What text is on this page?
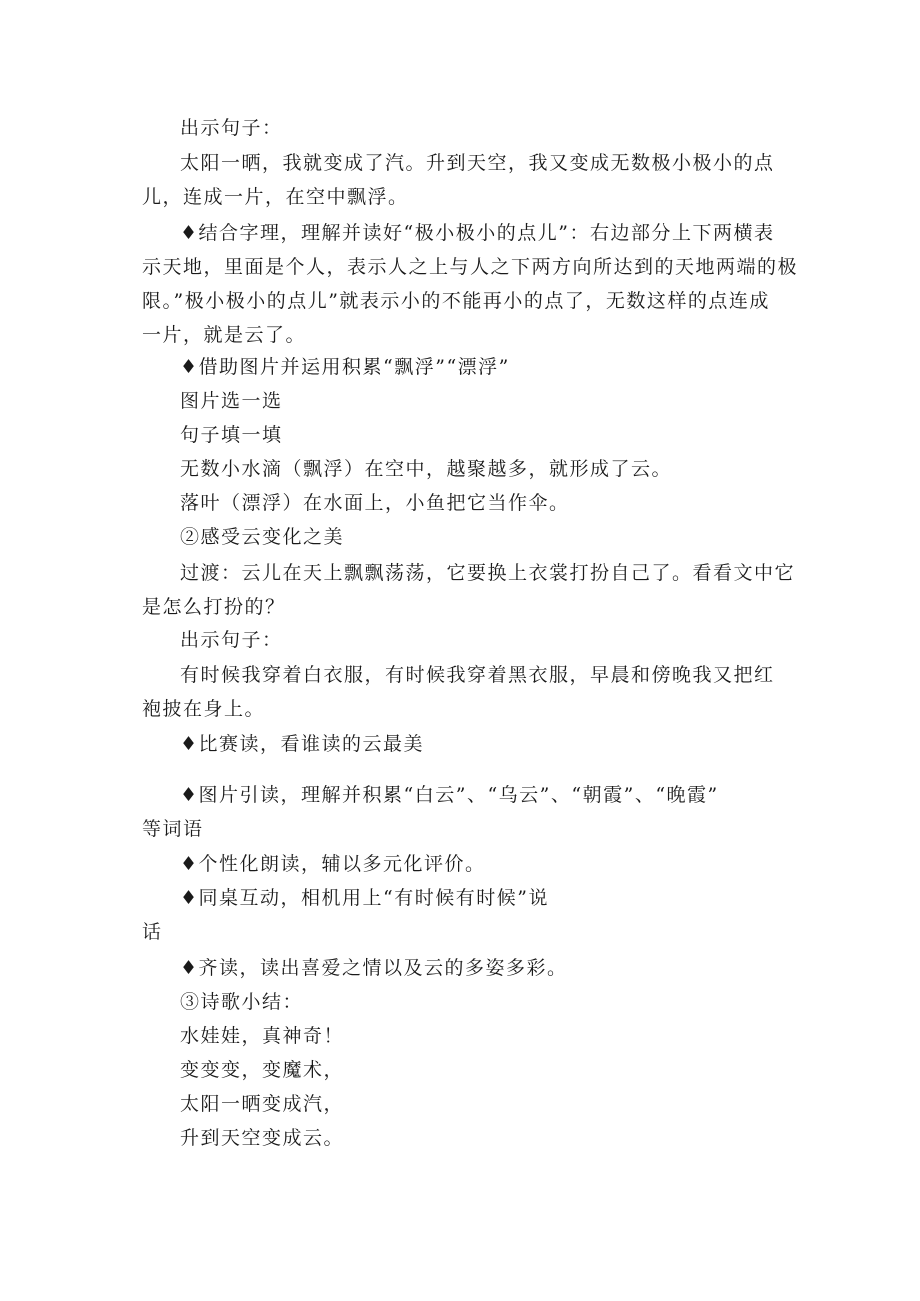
出示句子：
太阳一晒，我就变成了汽。升到天空，我又变成无数极小极小的点
儿，连成一片，在空中飘浮。
♦结合字理，理解并读好“极小极小的点儿”：右边部分上下两横表
示天地，里面是个人，表示人之上与人之下两方向所达到的天地两端的极
限。”极小极小的点儿”就表示小的不能再小的点了，无数这样的点连成
一片，就是云了。
♦借助图片并运用积累“飘浮”“漂浮”
图片选一选
句子填一填
无数小水滴（飘浮）在空中，越聚越多，就形成了云。
落叶（漂浮）在水面上，小鱼把它当作伞。
②感受云变化之美
过渡：云儿在天上飘飘荡荡，它要换上衣裳打扮自己了。看看文中它
是怎么打扮的？
出示句子：
有时候我穿着白衣服，有时候我穿着黑衣服，早晨和傍晚我又把红
袍披在身上。
♦比赛读，看谁读的云最美
♦图片引读，理解并积累“白云”、“乌云”、“朝霞”、“晚霞”
等词语
♦个性化朗读，辅以多元化评价。
♦同桌互动，相机用上“有时候有时候”说
话
♦齐读，读出喜爱之情以及云的多姿多彩。
③诗歌小结：
水娃娃，真神奇！
变变变，变魔术，
太阳一晒变成汽，
升到天空变成云。
